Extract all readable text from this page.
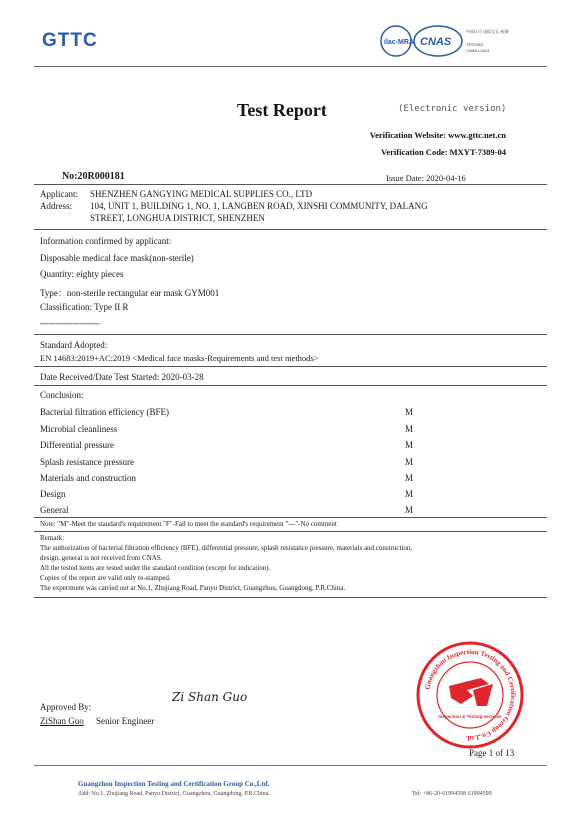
GTTC	ilac-MRA CNAS
中国认可 国际互认 检测
TESTING
CNAS L1914
Test Report	(Electronic version)
Verification Website: www.gttc.net.cn
Verification Code: MXYT-7389-04
No:20R000181	Issue Date: 2020-04-16
Applicant: SHENZHEN GANGYING MEDICAL SUPPLIES CO., LTD
Address: 104, UNIT 1, BUILDING 1, NO. 1, LANGBEN ROAD, XINSHI COMMUNITY, DALANG
STREET, LONGHUA DISTRICT, SHENZHEN
Information confirmed by applicant:
Disposable medical face mask(non-sterile)
Quantity: eighty pieces
Type：non-sterile rectangular ear mask GYM001
Classification: Type II R
--------------------
Standard Adopted:
EN 14683:2019+AC:2019 <Medical face masks-Requirements and test methods>
Date Received/Date Test Started: 2020-03-28
Conclusion:
Bacterial filtration efficiency (BFE)	M
Microbial cleanliness	M
Differential pressure	M
Splash resistance pressure	M
Materials and construction	M
Design	M
General	M
Note: "M"-Meet the standard's requirement "F"-Fail to meet the standard's requirement "---"-No comment
Remark:
The authorization of bacterial filtration efficiency (BFE), differential pressure, splash resistance pressure, materials and construction,
design, general is not received from CNAS.
All the tested items are tested under the standard condition (except for indication).
Copies of the report are valid only re-stamped.
The experiment was carried out at No.1, Zhujiang Road, Panyu District, Guangzhou, Guangdong, P.R.China.
Guangzhou Inspection Testing and Certification Group Co.,Ltd.
Inspection & Testing services
Approved By:
Zi Shan Guo
ZiShan Guo Senior Engineer
Page 1 of 13
Guangzhou Inspection Testing and Certification Group Co.,Ltd.
Add: No.1, Zhujiang Road, Panyu District, Guangzhou, Guangdong, P.R.China.	Tel: +86-20-61994598 61994599
